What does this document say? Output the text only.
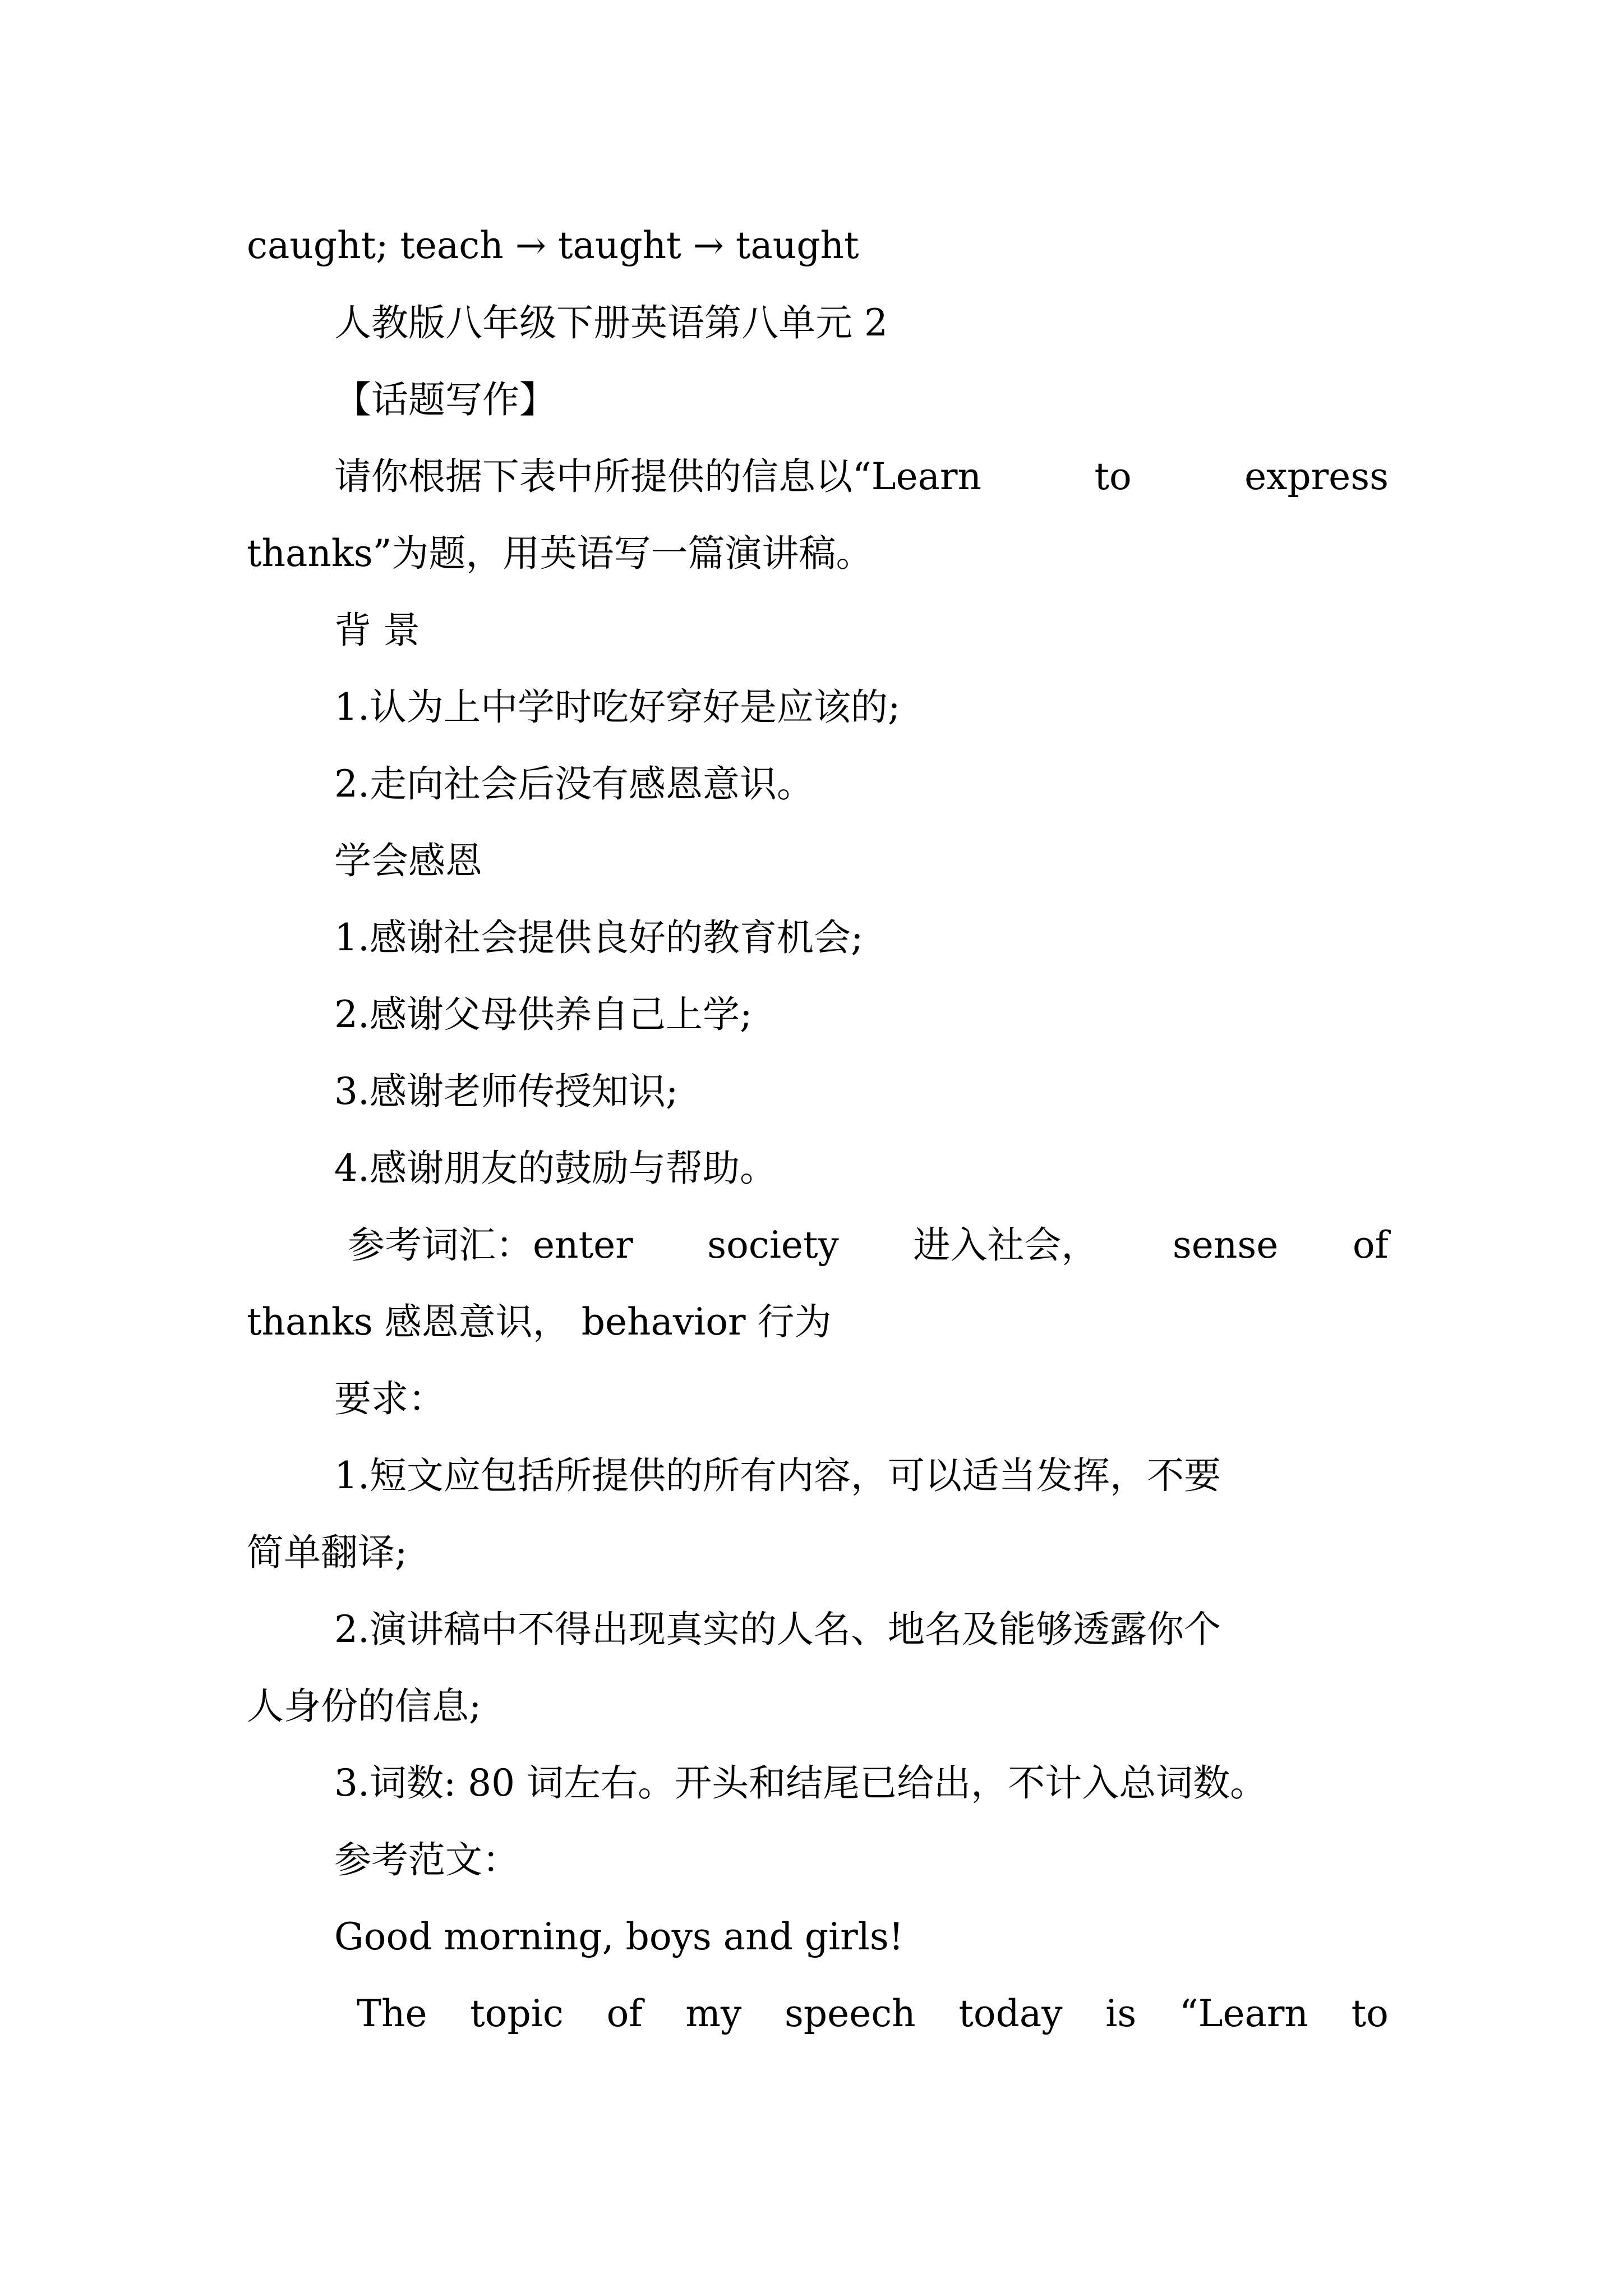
caught; teach → taught → taught
人教版八年级下册英语第八单元 2
【话题写作】
请你根据下表中所提供的信息以“Learn	to	express
thanks”为题，用英语写一篇演讲稿。
背 景
1.认为上中学时吃好穿好是应该的;
2.走向社会后没有感恩意识。
学会感恩
1.感谢社会提供良好的教育机会;
2.感谢父母供养自己上学;
3.感谢老师传授知识;
4.感谢朋友的鼓励与帮助。
参考词汇：enter society 进入社会， sense of
thanks 感恩意识， behavior 行为
要求：
1.短文应包括所提供的所有内容，可以适当发挥，不要
简单翻译;
2.演讲稿中不得出现真实的人名、地名及能够透露你个
人身份的信息;
3.词数: 80 词左右。开头和结尾已给出，不计入总词数。
参考范文：
Good morning, boys and girls!
The topic of my speech today is “Learn to
